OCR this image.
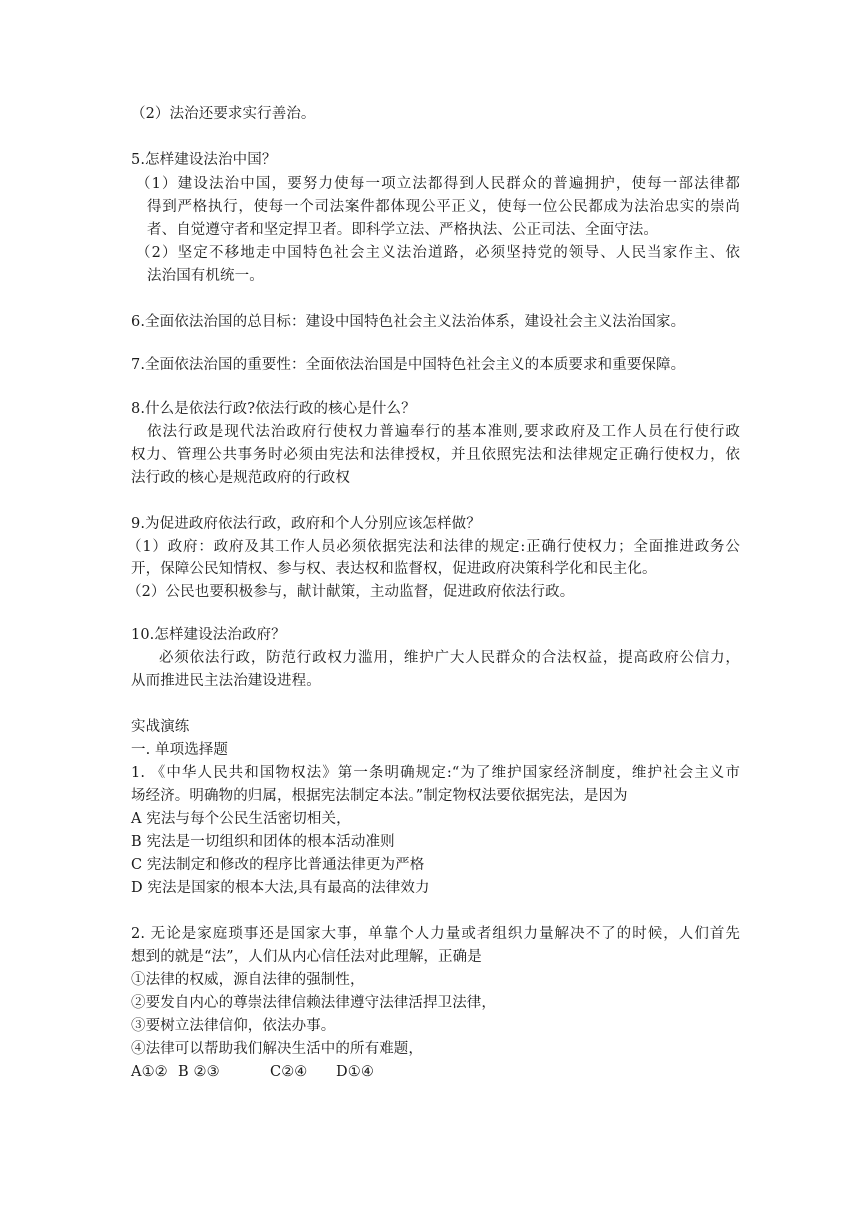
（2）法治还要求实行善治。
5.怎样建设法治中国？
（1）建设法治中国，要努力使每一项立法都得到人民群众的普遍拥护，使每一部法律都
得到严格执行，使每一个司法案件都体现公平正义，使每一位公民都成为法治忠实的崇尚
者、自觉遵守者和坚定捍卫者。即科学立法、严格执法、公正司法、全面守法。
（2）坚定不移地走中国特色社会主义法治道路，必须坚持党的领导、人民当家作主、依
法治国有机统一。
6.全面依法治国的总目标：建设中国特色社会主义法治体系，建设社会主义法治国家。
7.全面依法治国的重要性：全面依法治国是中国特色社会主义的本质要求和重要保障。
8.什么是依法行政?依法行政的核心是什么？
依法行政是现代法治政府行使权力普遍奉行的基本准则,要求政府及工作人员在行使行政
权力、管理公共事务时必须由宪法和法律授权，并且依照宪法和法律规定正确行使权力，依
法行政的核心是规范政府的行政权
9.为促进政府依法行政，政府和个人分别应该怎样做？
（1）政府：政府及其工作人员必须依据宪法和法律的规定:正确行使权力；全面推进政务公
开，保障公民知情权、参与权、表达权和监督权，促进政府决策科学化和民主化。
（2）公民也要积极参与，献计献策，主动监督，促进政府依法行政。
10.怎样建设法治政府？
必须依法行政，防范行政权力滥用，维护广大人民群众的合法权益，提高政府公信力，
从而推进民主法治建设进程。
实战演练
一. 单项选择题
1. 《中华人民共和国物权法》第一条明确规定:“为了维护国家经济制度，维护社会主义市
场经济。明确物的归属，根据宪法制定本法。”制定物权法要依据宪法，是因为
A 宪法与每个公民生活密切相关，
B 宪法是一切组织和团体的根本活动准则
C 宪法制定和修改的程序比普通法律更为严格
D 宪法是国家的根本大法,具有最高的法律效力
2. 无论是家庭琐事还是国家大事，单靠个人力量或者组织力量解决不了的时候，人们首先
想到的就是“法”，人们从内心信任法对此理解，正确是
①法律的权威，源自法律的强制性，
②要发自内心的尊崇法律信赖法律遵守法律活捍卫法律，
③要树立法律信仰，依法办事。
④法律可以帮助我们解决生活中的所有难题，
A①② B ②③	C②④ D①④
